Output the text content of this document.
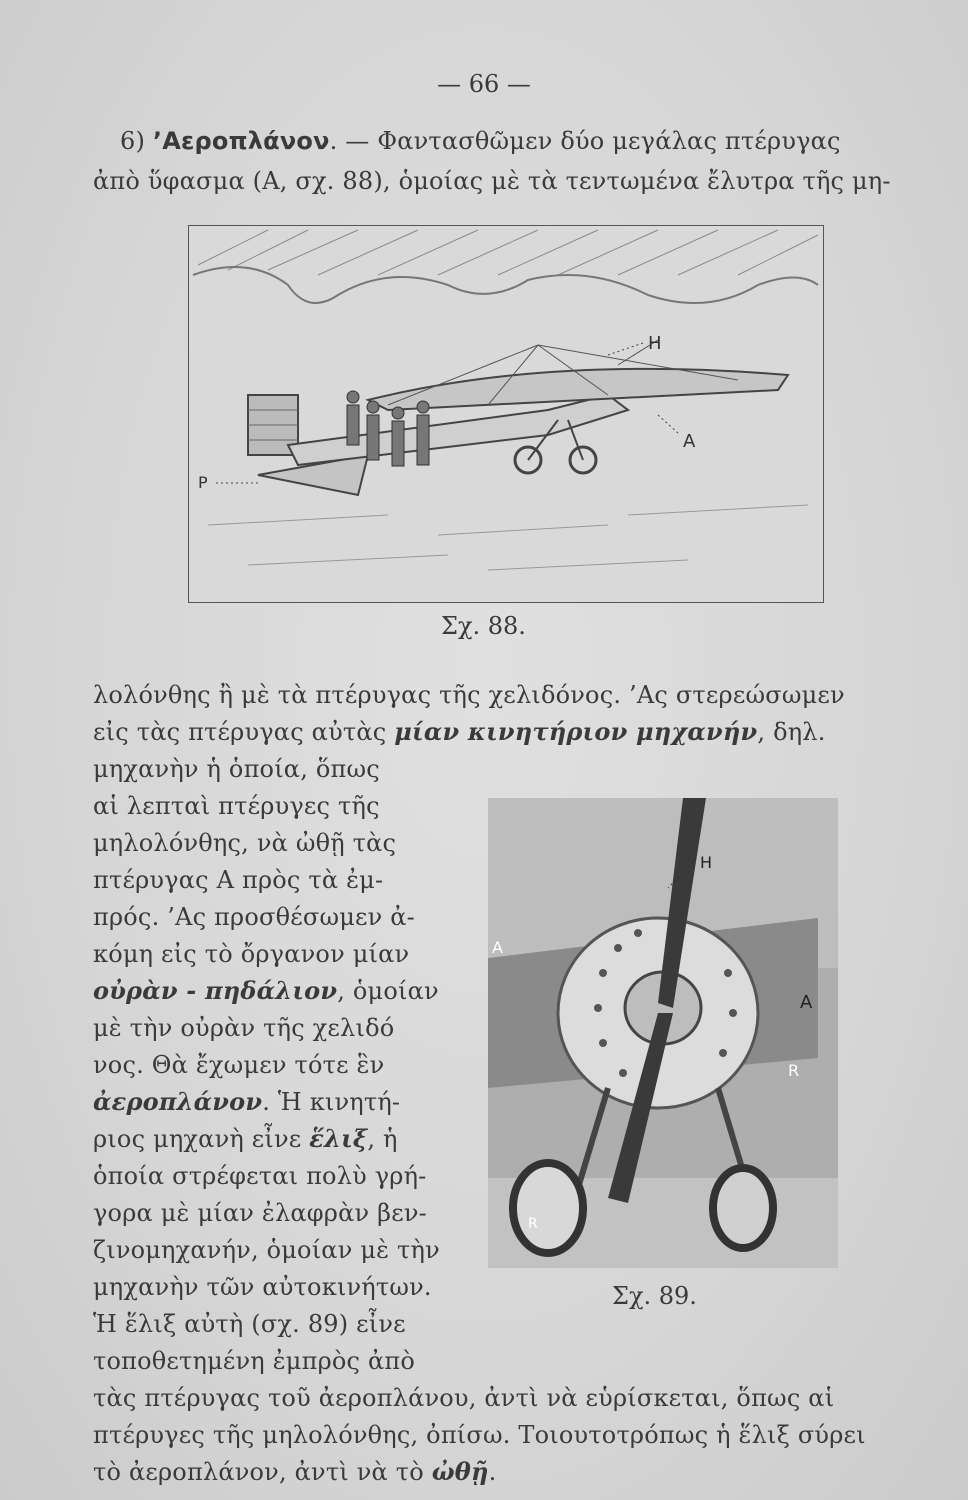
— 66 —
6) ’Αεροπλάνον. — Φαντασθῶμεν δύο μεγάλας πτέρυγας
ἀπὸ ὕφασμα (Α, σχ. 88), ὁμοίας μὲ τὰ τεντωμένα ἔλυτρα τῆς μη-
H
A
P
Σχ. 88.
λολόνθης ἢ μὲ τὰ πτέρυγας τῆς χελιδόνος. ’Ας στερεώσωμεν
εἰς τὰς πτέρυγας αὐτὰς μίαν κινητήριον μηχανήν, δηλ.
μηχανὴν ἡ ὁποία, ὅπως
αἱ λεπταὶ πτέρυγες τῆς
μηλολόνθης, νὰ ὠθῇ τὰς
πτέρυγας Α πρὸς τὰ ἐμ-
πρός. ’Ας προσθέσωμεν ἀ-
κόμη εἰς τὸ ὄργανον μίαν
οὐρὰν - πηδάλιον, ὁμοίαν
μὲ τὴν οὐρὰν τῆς χελιδό
νος. Θὰ ἔχωμεν τότε ἓν
ἀεροπλάνον. Ἡ κινητή-
ριος μηχανὴ εἶνε ἕλιξ, ἡ
ὁποία στρέφεται πολὺ γρή-
γορα μὲ μίαν ἐλαφρὰν βεν-
ζινομηχανήν, ὁμοίαν μὲ τὴν
μηχανὴν τῶν αὐτοκινήτων.
Ἡ ἕλιξ αὐτὴ (σχ. 89) εἶνε
τοποθετημένη ἐμπρὸς ἀπὸ
H
A
A
R
R
Σχ. 89.
τὰς πτέρυγας τοῦ ἀεροπλάνου, ἀντὶ νὰ εὑρίσκεται, ὅπως αἱ
πτέρυγες τῆς μηλολόνθης, ὀπίσω. Τοιουτοτρόπως ἡ ἕλιξ σύρει
τὸ ἀεροπλάνον, ἀντὶ νὰ τὸ ὠθῇ.
